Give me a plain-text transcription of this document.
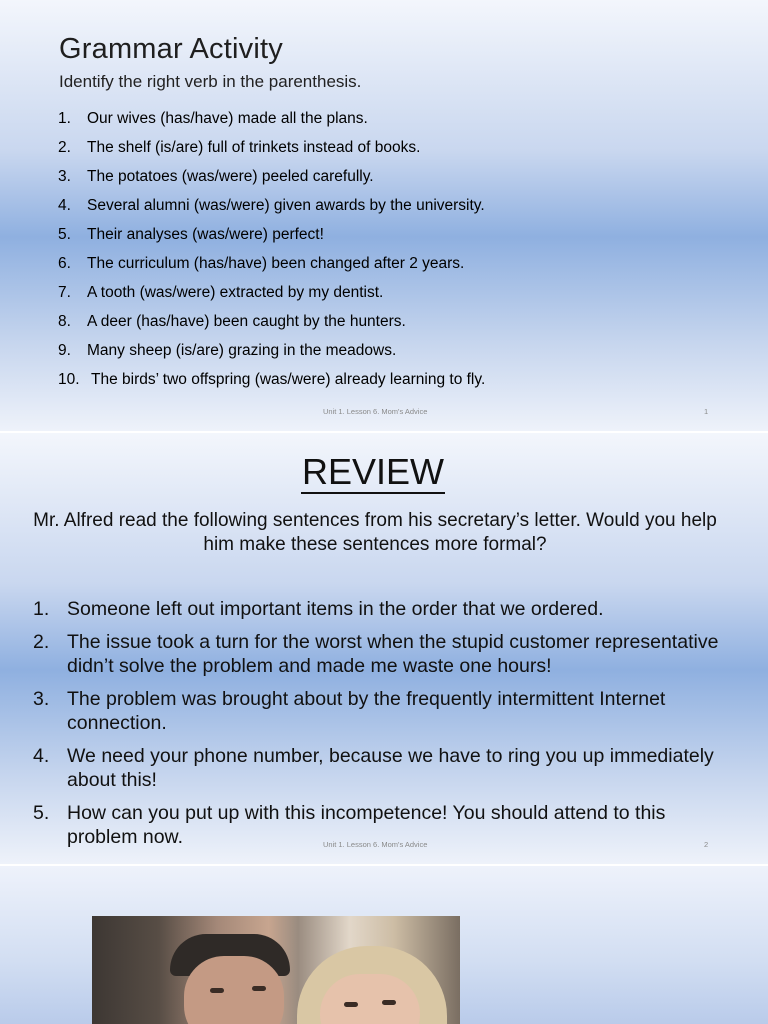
Grammar Activity
Identify the right verb in the parenthesis.
1. Our wives (has/have) made all the plans.
2. The shelf (is/are) full of trinkets instead of books.
3. The potatoes (was/were) peeled carefully.
4. Several alumni (was/were) given awards by the university.
5. Their analyses (was/were) perfect!
6. The curriculum (has/have) been changed after 2 years.
7. A tooth (was/were) extracted by my dentist.
8. A deer (has/have) been caught by the hunters.
9. Many sheep (is/are) grazing in the meadows.
10. The birds’ two offspring (was/were) already learning to fly.
Unit 1. Lesson 6. Mom's Advice	1
REVIEW
Mr. Alfred read the following sentences from his secretary’s letter. Would you help him make these sentences more formal?
1. Someone left out important items in the order that we ordered.
2. The issue took a turn for the worst when the stupid customer representative didn’t solve the problem and made me waste one hours!
3. The problem was brought about by the frequently intermittent Internet connection.
4. We need your phone number, because we have to ring you up immediately about this!
5. How can you put up with this incompetence! You should attend to this problem now.	Unit 1. Lesson 6. Mom's Advice	2
